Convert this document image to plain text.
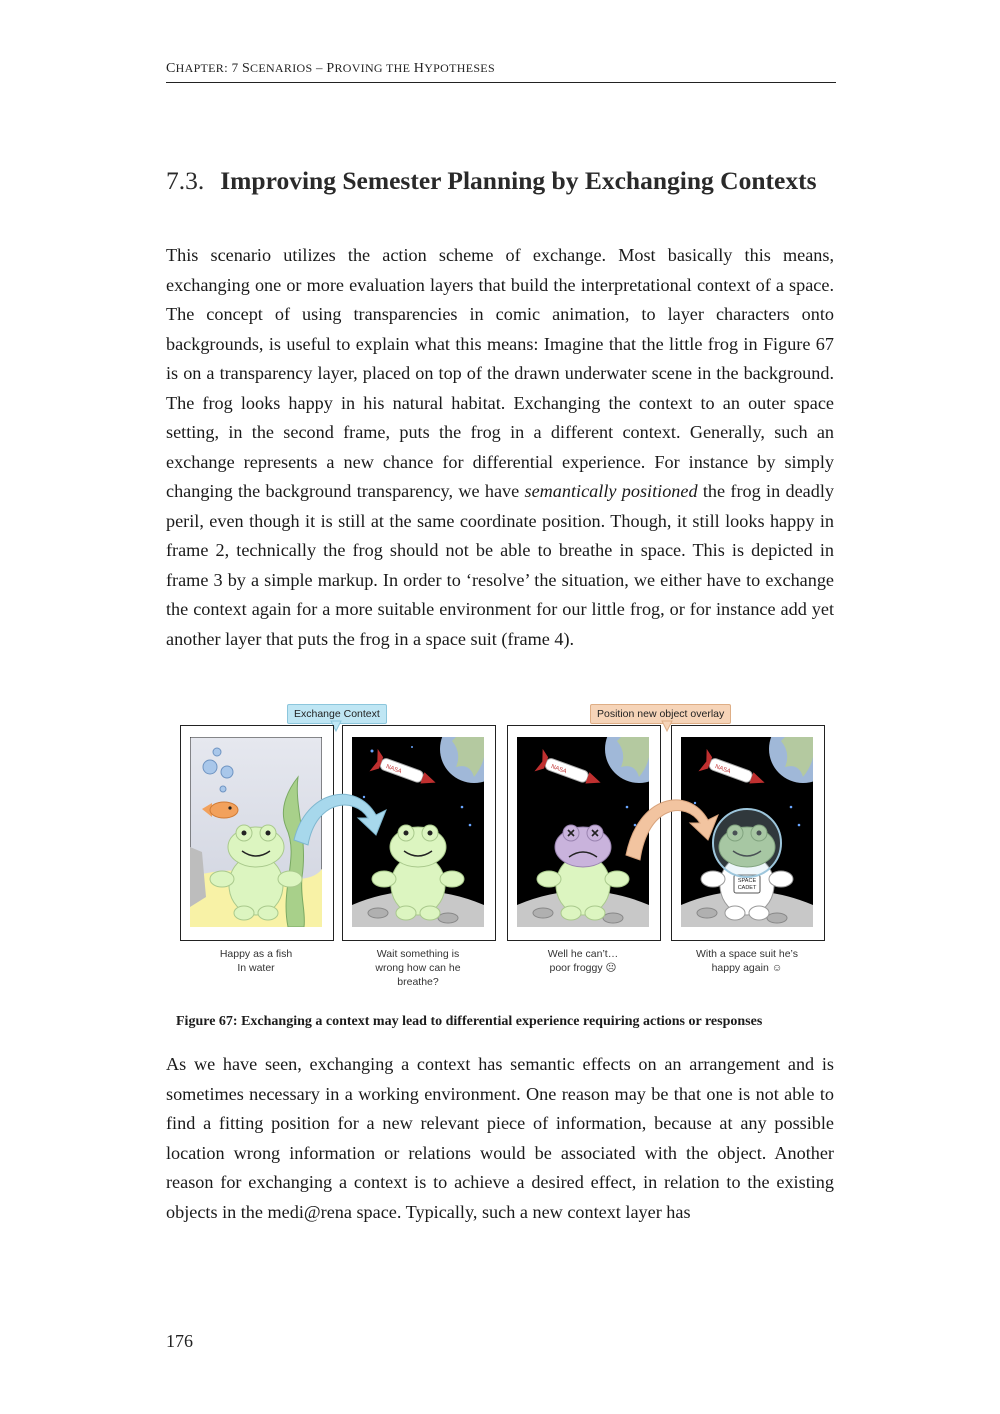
CHAPTER: 7 SCENARIOS – PROVING THE HYPOTHESES
7.3. Improving Semester Planning by Exchanging Contexts

This scenario utilizes the action scheme of exchange. Most basically this means, exchanging one or more evaluation layers that build the interpretational context of a space. The concept of using transparencies in comic animation, to layer characters onto backgrounds, is useful to explain what this means: Imagine that the little frog in Figure 67 is on a transparency layer, placed on top of the drawn underwater scene in the background. The frog looks happy in his natural habitat. Exchanging the context to an outer space setting, in the second frame, puts the frog in a different context. Generally, such an exchange represents a new chance for differential experience. For instance by simply changing the background transparency, we have semantically positioned the frog in deadly peril, even though it is still at the same coordinate position. Though, it still looks happy in frame 2, technically the frog should not be able to breathe in space. This is depicted in frame 3 by a simple markup. In order to ‘resolve’ the situation, we either have to exchange the context again for a more suitable environment for our little frog, or for instance add yet another layer that puts the frog in a space suit (frame 4).

Exchange Context	Position new object overlay
NASA	NASA	NASA
SPACE
CADET
Happy as a fish
In water
Wait something is
wrong how can he
breathe?
Well he can’t…
poor froggy ☹
With a space suit he’s
happy again ☺

Figure 67: Exchanging a context may lead to differential experience requiring actions or responses

As we have seen, exchanging a context has semantic effects on an arrangement and is sometimes necessary in a working environment. One reason may be that one is not able to find a fitting position for a new relevant piece of information, because at any possible location wrong information or relations would be associated with the object. Another reason for exchanging a context is to achieve a desired effect, in relation to the existing objects in the medi@rena space. Typically, such a new context layer has

176
